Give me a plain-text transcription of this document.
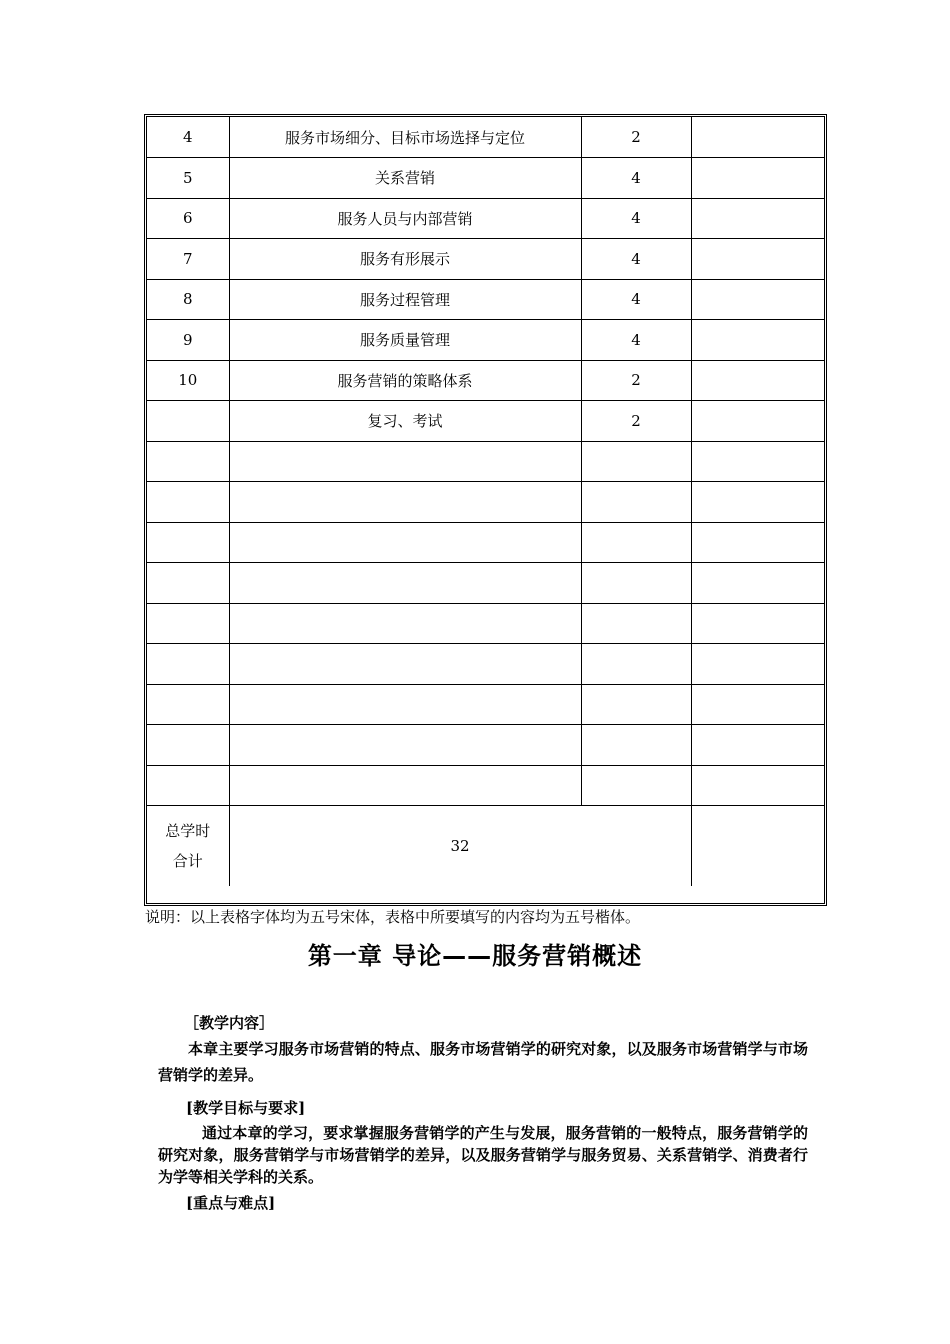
4	服务市场细分、目标市场选择与定位	2	
5	关系营销	4	
6	服务人员与内部营销	4	
7	服务有形展示	4	
8	服务过程管理	4	
9	服务质量管理	4	
10	服务营销的策略体系	2	
	复习、考试	2	

总学时
合计	32		
说明：以上表格字体均为五号宋体，表格中所要填写的内容均为五号楷体。
第一章 导论——服务营销概述
［教学内容］
本章主要学习服务市场营销的特点、服务市场营销学的研究对象，以及服务市场营销学与市场营销学的差异。
[教学目标与要求]
通过本章的学习，要求掌握服务营销学的产生与发展，服务营销的一般特点，服务营销学的研究对象，服务营销学与市场营销学的差异，以及服务营销学与服务贸易、关系营销学、消费者行为学等相关学科的关系。
[重点与难点]
